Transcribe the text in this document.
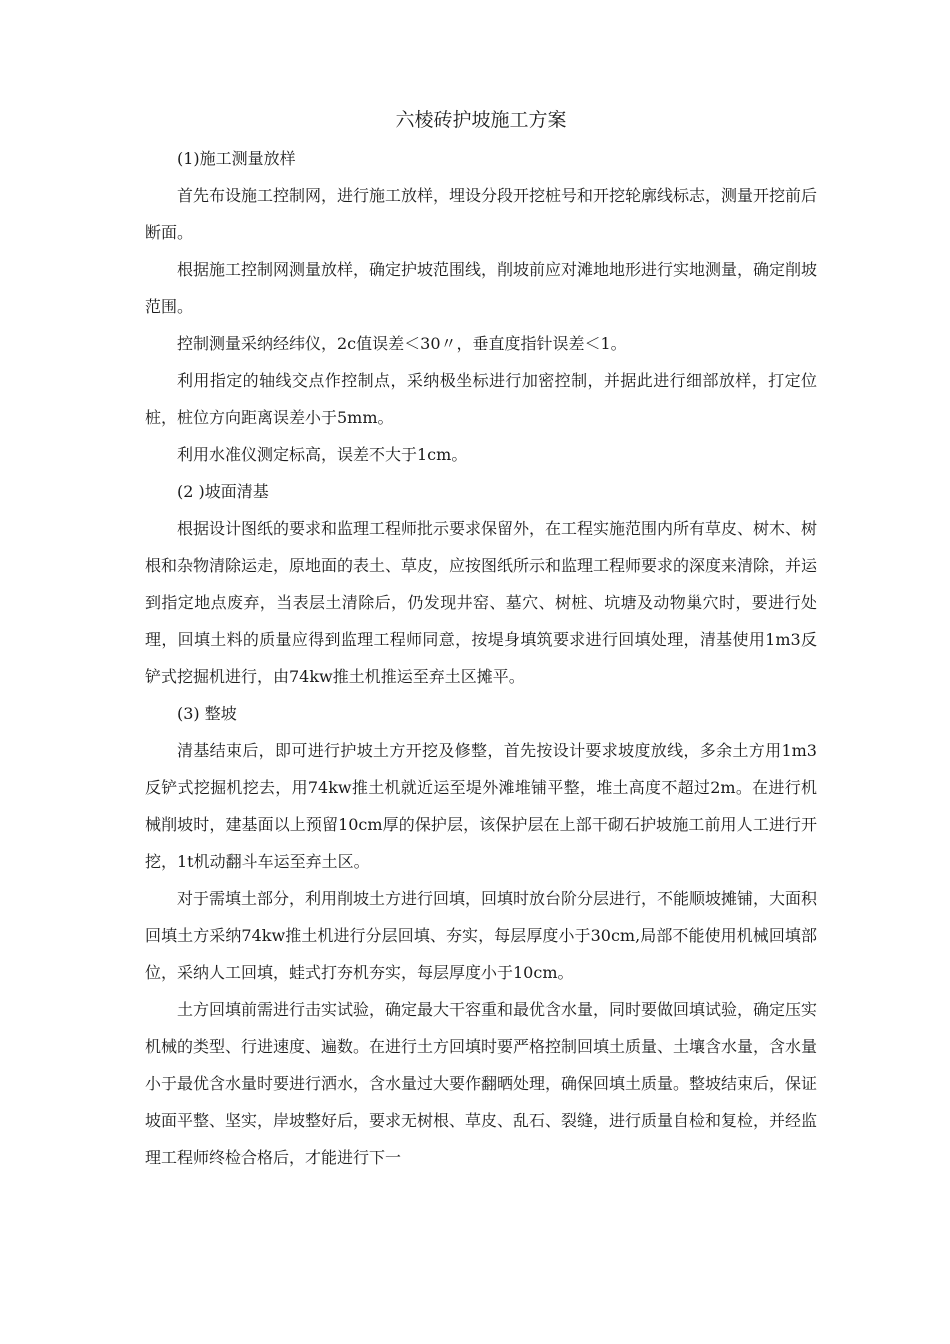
六棱砖护坡施工方案

(1)施工测量放样

首先布设施工控制网，进行施工放样，埋设分段开挖桩号和开挖轮廓线标志，测量开挖前后断面。

根据施工控制网测量放样，确定护坡范围线，削坡前应对滩地地形进行实地测量，确定削坡范围。

控制测量采纳经纬仪，2c值误差＜30〃，垂直度指针误差＜1。

利用指定的轴线交点作控制点，采纳极坐标进行加密控制，并据此进行细部放样，打定位桩，桩位方向距离误差小于5mm。

利用水准仪测定标高，误差不大于1cm。

(2 )坡面清基

根据设计图纸的要求和监理工程师批示要求保留外，在工程实施范围内所有草皮、树木、树根和杂物清除运走，原地面的表土、草皮，应按图纸所示和监理工程师要求的深度来清除，并运到指定地点废弃，当表层土清除后，仍发现井窑、墓穴、树桩、坑塘及动物巢穴时，要进行处理，回填土料的质量应得到监理工程师同意，按堤身填筑要求进行回填处理，清基使用1m3反铲式挖掘机进行，由74kw推土机推运至弃土区摊平。

(3) 整坡

清基结束后，即可进行护坡土方开挖及修整，首先按设计要求坡度放线，多余土方用1m3反铲式挖掘机挖去，用74kw推土机就近运至堤外滩堆铺平整，堆土高度不超过2m。在进行机械削坡时，建基面以上预留10cm厚的保护层，该保护层在上部干砌石护坡施工前用人工进行开挖，1t机动翻斗车运至弃土区。

对于需填土部分，利用削坡土方进行回填，回填时放台阶分层进行，不能顺坡摊铺，大面积回填土方采纳74kw推土机进行分层回填、夯实，每层厚度小于30cm,局部不能使用机械回填部位，采纳人工回填，蛙式打夯机夯实，每层厚度小于10cm。

土方回填前需进行击实试验，确定最大干容重和最优含水量，同时要做回填试验，确定压实机械的类型、行进速度、遍数。在进行土方回填时要严格控制回填土质量、土壤含水量，含水量小于最优含水量时要进行洒水，含水量过大要作翻晒处理，确保回填土质量。整坡结束后，保证坡面平整、坚实，岸坡整好后，要求无树根、草皮、乱石、裂缝，进行质量自检和复检，并经监理工程师终检合格后，才能进行下一
